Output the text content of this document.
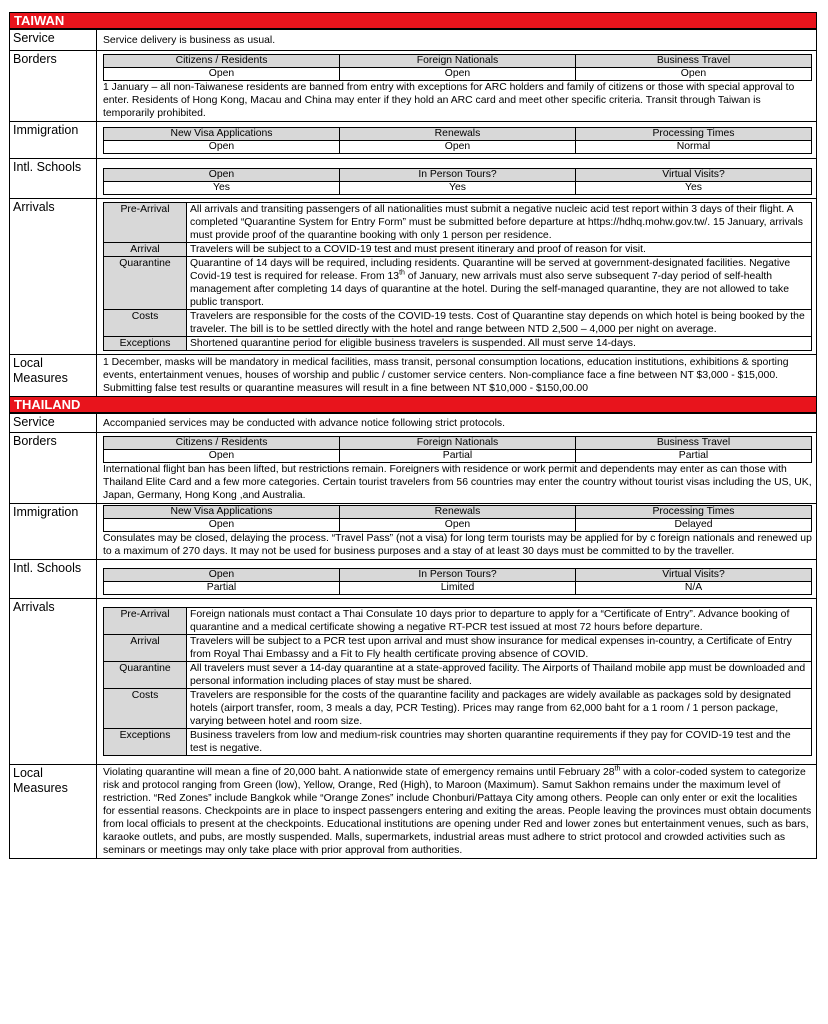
TAIWAN
Service	Service delivery is business as usual.
Borders		Citizens / Residents	Foreign Nationals	Business Travel
Open	Open	Open
1 January – all non-Taiwanese residents are banned from entry with exceptions for ARC holders and family of citizens or those with special approval to enter. Residents of Hong Kong, Macau and China may enter if they hold an ARC card and meet other specific criteria. Transit through Taiwan is temporarily prohibited.

Immigration		New Visa Applications	Renewals	Processing Times
Open	Open	Normal

Intl. Schools	
Open	In Person Tours?	Virtual Visits?
Yes	Yes	Yes

Arrivals		Pre-Arrival	All arrivals and transiting passengers of all nationalities must submit a negative nucleic acid test report within 3 days of their flight. A completed “Quarantine System for Entry Form” must be submitted before departure at https://hdhq.mohw.gov.tw/. 15 January, arrivals must provide proof of the quarantine booking with only 1 person per residence.
Arrival	Travelers will be subject to a COVID-19 test and must present itinerary and proof of reason for visit.
Quarantine	Quarantine of 14 days will be required, including residents. Quarantine will be served at government-designated facilities. Negative Covid-19 test is required for release. From 13th of January, new arrivals must also serve subsequent 7-day period of self-health management after completing 14 days of quarantine at the hotel. During the self-managed quarantine, they are not allowed to take public transport.
Costs	Travelers are responsible for the costs of the COVID-19 tests. Cost of Quarantine stay depends on which hotel is being booked by the traveler. The bill is to be settled directly with the hotel and range between NTD 2,500 – 4,000 per night on average.
Exceptions	Shortened quarantine period for eligible business travelers is suspended. All must serve 14-days.

Local Measures	1 December, masks will be mandatory in medical facilities, mass transit, personal consumption locations, education institutions, exhibitions & sporting events, entertainment venues, houses of worship and public / customer service centers. Non-compliance face a fine between NT $3,000 - $15,000. Submitting false test results or quarantine measures will result in a fine between NT $10,000 - $150,00.00
THAILAND
Service	Accompanied services may be conducted with advance notice following strict protocols.
Borders		Citizens / Residents	Foreign Nationals	Business Travel
Open	Partial	Partial
International flight ban has been lifted, but restrictions remain. Foreigners with residence or work permit and dependents may enter as can those with Thailand Elite Card and a few more categories. Certain tourist travelers from 56 countries may enter the country without tourist visas including the US, UK, Japan, Germany, Hong Kong ,and Australia.

Immigration		New Visa Applications	Renewals	Processing Times
Open	Open	Delayed
Consulates may be closed, delaying the process. “Travel Pass” (not a visa) for long term tourists may be applied for by c foreign nationals and renewed up to a maximum of 270 days. It may not be used for business purposes and a stay of at least 30 days must be committed to by the traveller.

Intl. Schools		Open	In Person Tours?	Virtual Visits?
Partial	Limited	N/A

Arrivals	
Pre-Arrival	Foreign nationals must contact a Thai Consulate 10 days prior to departure to apply for a “Certificate of Entry”. Advance booking of quarantine and a medical certificate showing a negative RT-PCR test issued at most 72 hours before departure.
Arrival	Travelers will be subject to a PCR test upon arrival and must show insurance for medical expenses in-country, a Certificate of Entry from Royal Thai Embassy and a Fit to Fly health certificate proving absence of COVID.
Quarantine	All travelers must sever a 14-day quarantine at a state-approved facility. The Airports of Thailand mobile app must be downloaded and personal information including places of stay must be shared.
Costs	Travelers are responsible for the costs of the quarantine facility and packages are widely available as packages sold by designated hotels (airport transfer, room, 3 meals a day, PCR Testing). Prices may range from 62,000 baht for a 1 room / 1 person package, varying between hotel and room size.
Exceptions	Business travelers from low and medium-risk countries may shorten quarantine requirements if they pay for COVID-19 test and the test is negative.

Local Measures	Violating quarantine will mean a fine of 20,000 baht. A nationwide state of emergency remains until February 28th with a color-coded system to categorize risk and protocol ranging from Green (low), Yellow, Orange, Red (High), to Maroon (Maximum). Samut Sakhon remains under the maximum level of restriction. “Red Zones” include Bangkok while “Orange Zones” include Chonburi/Pattaya City among others. People can only enter or exit the localities for essential reasons. Checkpoints are in place to inspect passengers entering and exiting the areas. People leaving the provinces must obtain documents from local officials to present at the checkpoints. Educational institutions are opening under Red and lower zones but entertainment venues, such as bars, karaoke outlets, and pubs, are mostly suspended. Malls, supermarkets, industrial areas must adhere to strict protocol and crowded activities such as seminars or meetings may only take place with prior approval from authorities.
